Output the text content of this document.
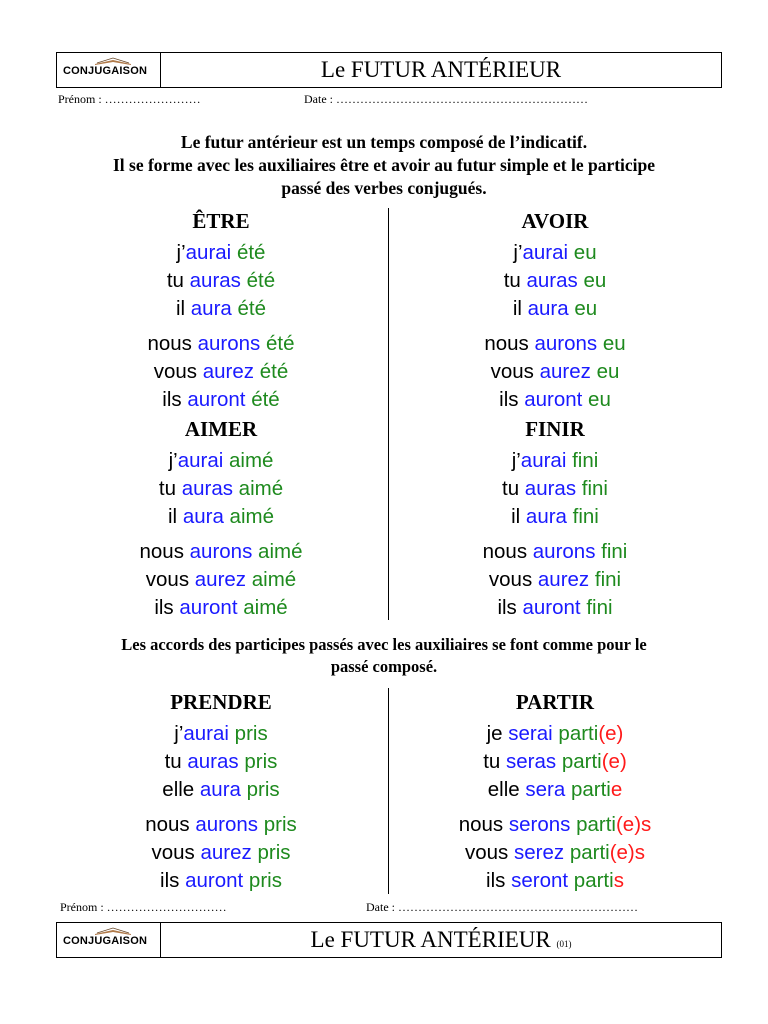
CONJUGAISON	Le FUTUR ANTÉRIEUR
Prénom : ……………………	Date : ………………………………………………………
Le futur antérieur est un temps composé de l’indicatif.
Il se forme avec les auxiliaires être et avoir au futur simple et le participe
passé des verbes conjugués.
ÊTRE
j’aurai été
tu auras été
il aura été
nous aurons été
vous aurez été
ils auront été
AVOIR
j’aurai eu
tu auras eu
il aura eu
nous aurons eu
vous aurez eu
ils auront eu
AIMER
j’aurai aimé
tu auras aimé
il aura aimé
nous aurons aimé
vous aurez aimé
ils auront aimé
FINIR
j’aurai fini
tu auras fini
il aura fini
nous aurons fini
vous aurez fini
ils auront fini
Les accords des participes passés avec les auxiliaires se font comme pour le
passé composé.
PRENDRE
j’aurai pris
tu auras pris
elle aura pris
nous aurons pris
vous aurez pris
ils auront pris
PARTIR
je serai parti(e)
tu seras parti(e)
elle sera partie
nous serons parti(e)s
vous serez parti(e)s
ils seront partis
Prénom : …………………………	Date : ……………………………………………………
CONJUGAISON	Le FUTUR ANTÉRIEUR (01)
